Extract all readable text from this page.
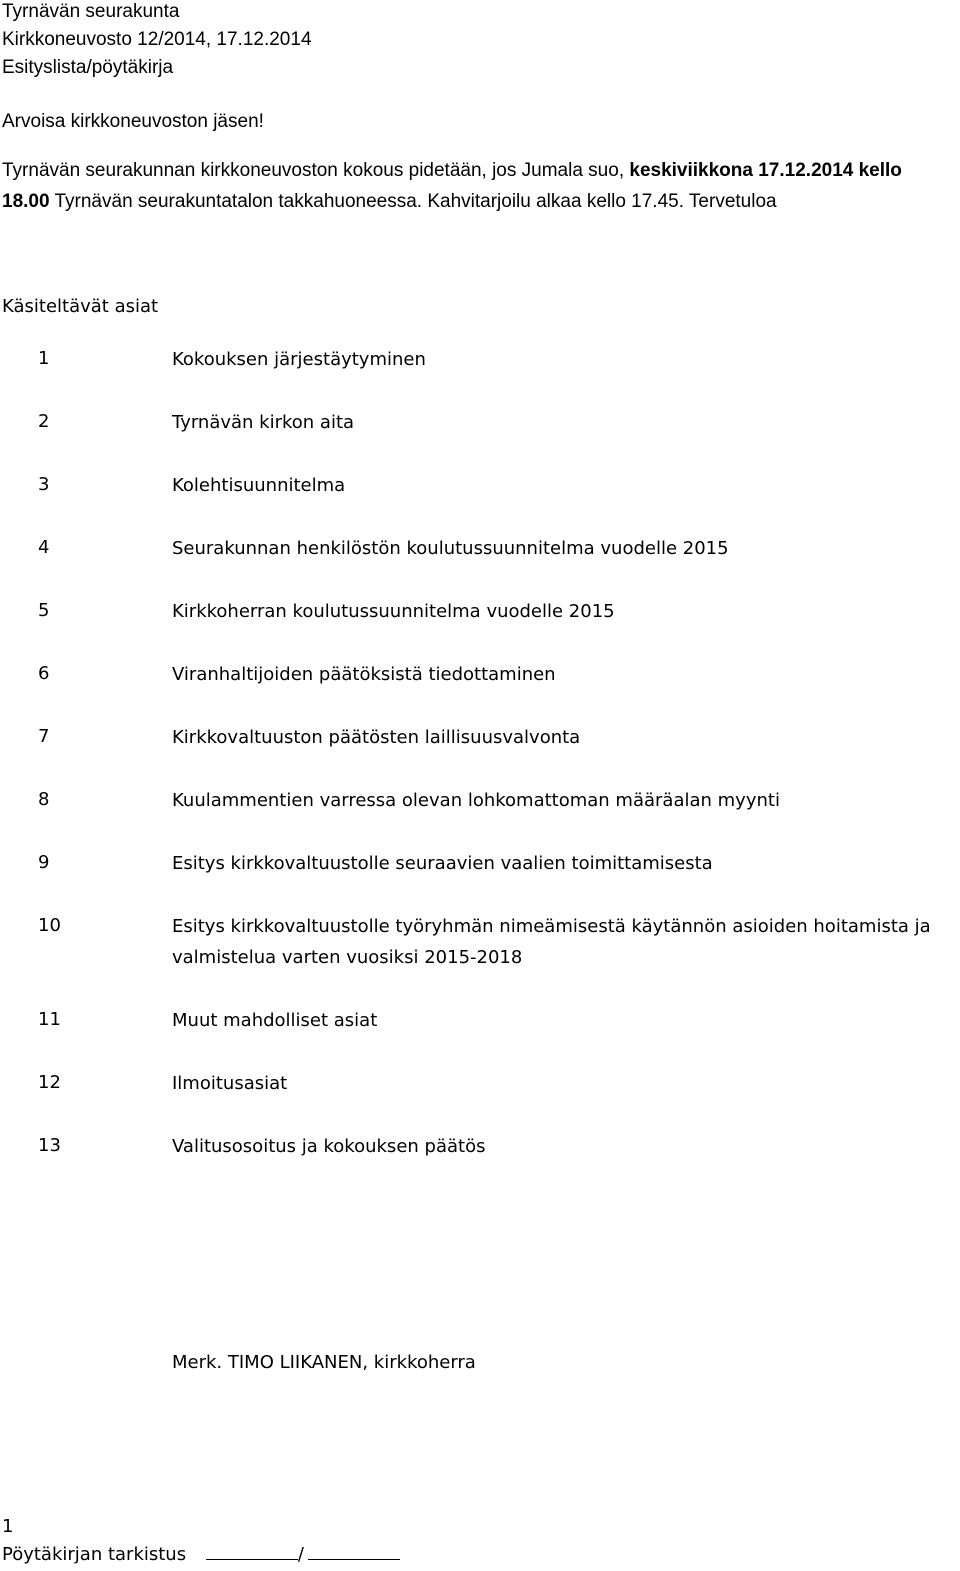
Tyrnävän seurakunta
Kirkkoneuvosto 12/2014, 17.12.2014
Esityslista/pöytäkirja
Arvoisa kirkkoneuvoston jäsen!
Tyrnävän seurakunnan kirkkoneuvoston kokous pidetään, jos Jumala suo, keskiviikkona 17.12.2014 kello
18.00 Tyrnävän seurakuntatalon takkahuoneessa. Kahvitarjoilu alkaa kello 17.45. Tervetuloa
Käsiteltävät asiat
1	Kokouksen järjestäytyminen
2	Tyrnävän kirkon aita
3	Kolehtisuunnitelma
4	Seurakunnan henkilöstön koulutussuunnitelma vuodelle 2015
5	Kirkkoherran koulutussuunnitelma vuodelle 2015
6	Viranhaltijoiden päätöksistä tiedottaminen
7	Kirkkovaltuuston päätösten laillisuusvalvonta
8	Kuulammentien varressa olevan lohkomattoman määräalan myynti
9	Esitys kirkkovaltuustolle seuraavien vaalien toimittamisesta
10	Esitys kirkkovaltuustolle työryhmän nimeämisestä käytännön asioiden hoitamista ja valmistelua varten vuosiksi 2015-2018
11	Muut mahdolliset asiat
12	Ilmoitusasiat
13	Valitusosoitus ja kokouksen päätös
Merk. TIMO LIIKANEN, kirkkoherra
1
Pöytäkirjan tarkistus	/
